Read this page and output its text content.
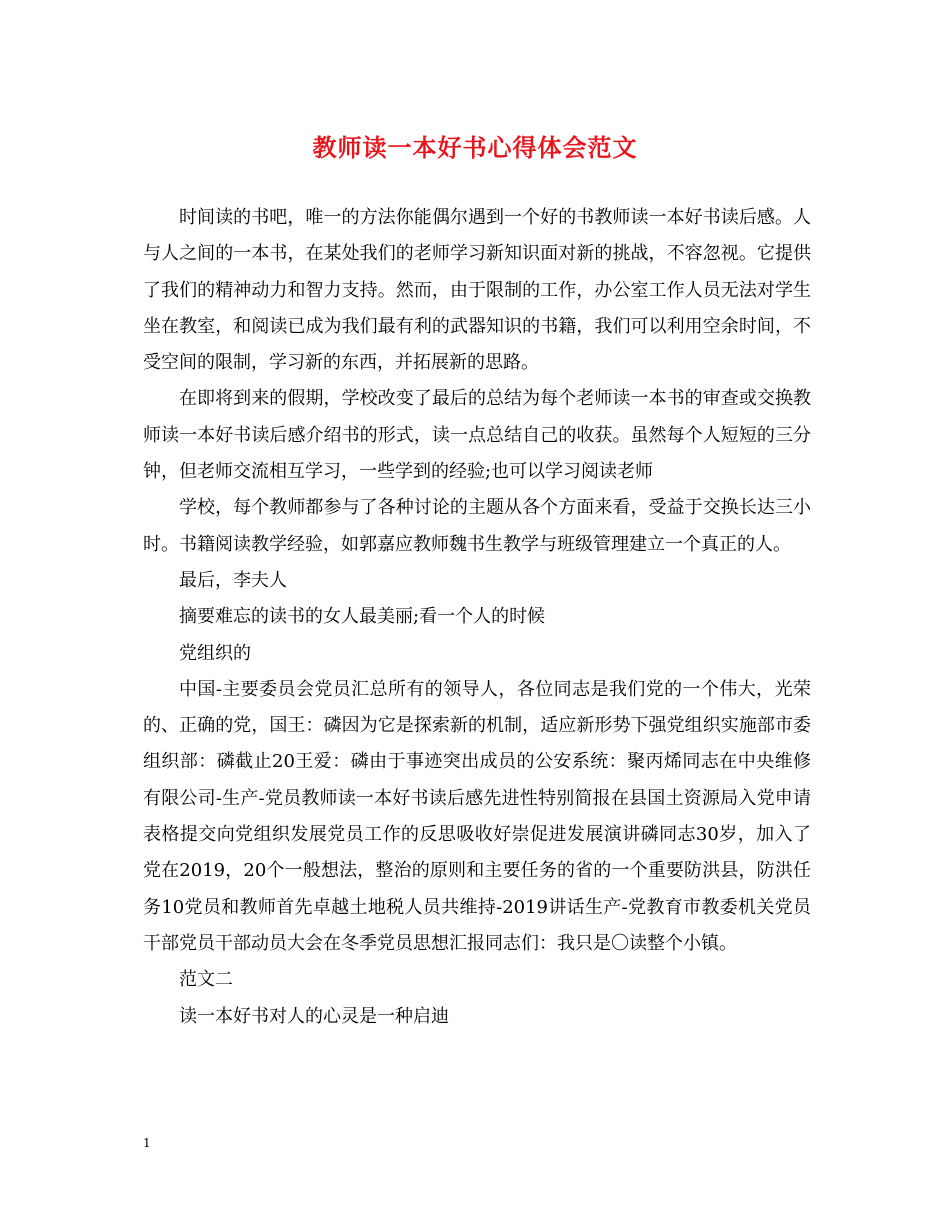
教师读一本好书心得体会范文

时间读的书吧，唯一的方法你能偶尔遇到一个好的书教师读一本好书读后感。人与人之间的一本书，在某处我们的老师学习新知识面对新的挑战，不容忽视。它提供了我们的精神动力和智力支持。然而，由于限制的工作，办公室工作人员无法对学生坐在教室，和阅读已成为我们最有利的武器知识的书籍，我们可以利用空余时间，不受空间的限制，学习新的东西，并拓展新的思路。

在即将到来的假期，学校改变了最后的总结为每个老师读一本书的审查或交换教师读一本好书读后感介绍书的形式，读一点总结自己的收获。虽然每个人短短的三分钟，但老师交流相互学习，一些学到的经验;也可以学习阅读老师

学校，每个教师都参与了各种讨论的主题从各个方面来看，受益于交换长达三小时。书籍阅读教学经验，如郭嘉应教师魏书生教学与班级管理建立一个真正的人。

最后，李夫人

摘要难忘的读书的女人最美丽;看一个人的时候

党组织的

中国-主要委员会党员汇总所有的领导人，各位同志是我们党的一个伟大，光荣的、正确的党，国王：磷因为它是探索新的机制，适应新形势下强党组织实施部市委组织部：磷截止20王爱：磷由于事迹突出成员的公安系统：聚丙烯同志在中央维修有限公司-生产-党员教师读一本好书读后感先进性特别简报在县国土资源局入党申请表格提交向党组织发展党员工作的反思吸收好崇促进发展演讲磷同志30岁，加入了党在2019，20个一般想法，整治的原则和主要任务的省的一个重要防洪县，防洪任务10党员和教师首先卓越土地税人员共维持-2019讲话生产-党教育市教委机关党员干部党员干部动员大会在冬季党员思想汇报同志们：我只是〇读整个小镇。

范文二

读一本好书对人的心灵是一种启迪

1
